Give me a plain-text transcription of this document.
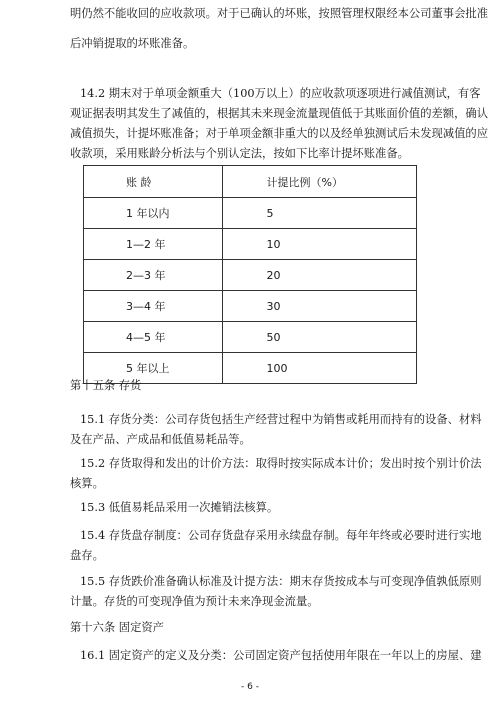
明仍然不能收回的应收款项。对于已确认的坏账，按照管理权限经本公司董事会批准
后冲销提取的坏账准备。
14.2 期末对于单项金额重大（100万以上）的应收款项逐项进行减值测试，有客
观证据表明其发生了减值的，根据其未来现金流量现值低于其账面价值的差额，确认
减值损失，计提坏账准备；对于单项金额非重大的以及经单独测试后未发现减值的应
收款项，采用账龄分析法与个别认定法，按如下比率计提坏账准备。
账 龄	计提比例（%）
1 年以内	5
1—2 年	10
2—3 年	20
3—4 年	30
4—5 年	50
5 年以上	100
第十五条 存货
15.1 存货分类：公司存货包括生产经营过程中为销售或耗用而持有的设备、材料
及在产品、产成品和低值易耗品等。
15.2 存货取得和发出的计价方法：取得时按实际成本计价；发出时按个别计价法
核算。
15.3 低值易耗品采用一次摊销法核算。
15.4 存货盘存制度：公司存货盘存采用永续盘存制。每年年终或必要时进行实地
盘存。
15.5 存货跌价准备确认标准及计提方法：期末存货按成本与可变现净值孰低原则
计量。存货的可变现净值为预计未来净现金流量。
第十六条 固定资产
16.1 固定资产的定义及分类：公司固定资产包括使用年限在一年以上的房屋、建
- 6 -
